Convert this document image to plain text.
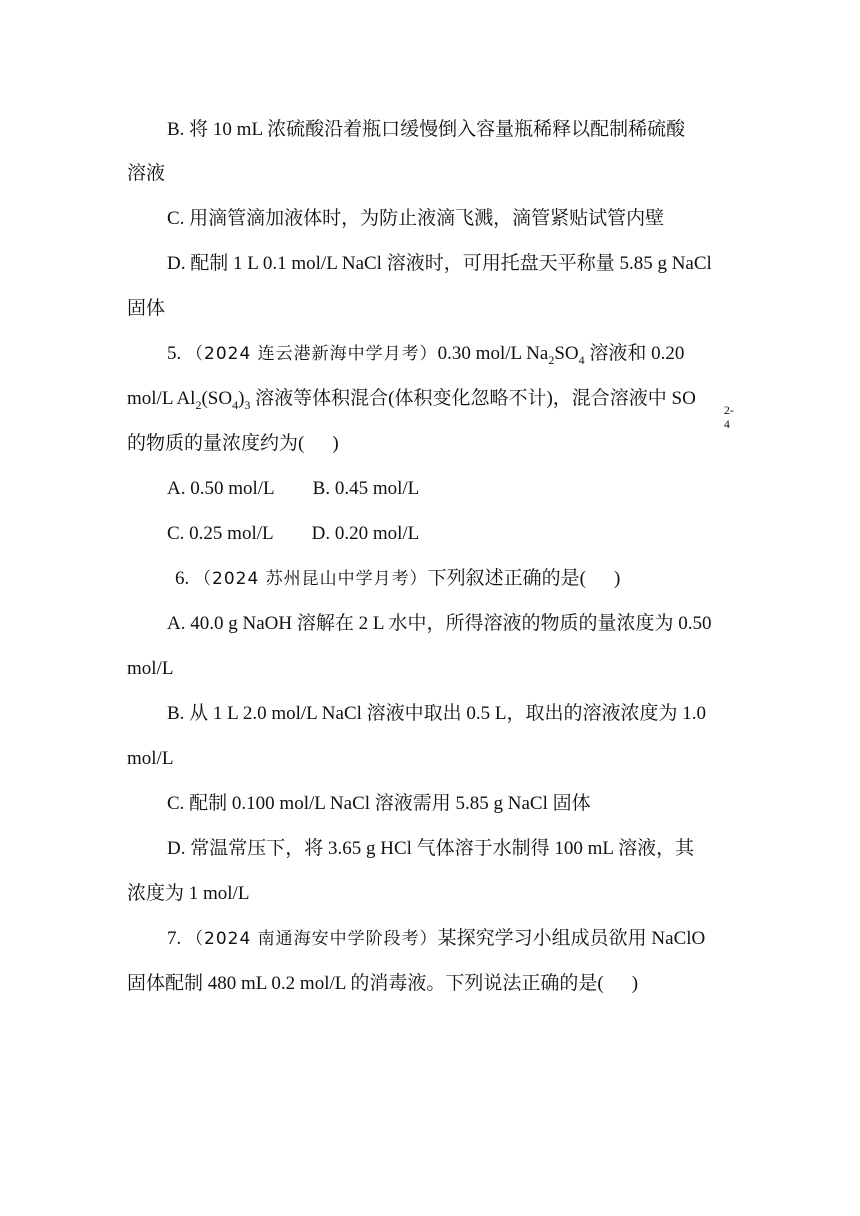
B. 将 10 mL 浓硫酸沿着瓶口缓慢倒入容量瓶稀释以配制稀硫酸
溶液
C. 用滴管滴加液体时，为防止液滴飞溅，滴管紧贴试管内壁
D. 配制 1 L 0.1 mol/L NaCl 溶液时，可用托盘天平称量 5.85 g NaCl
固体
5. （2024 连云港新海中学月考）0.30 mol/L $Na_2SO_4$ 溶液和 0.20
mol/L $Al_2(SO_4)_3$ 溶液等体积混合(体积变化忽略不计)，混合溶液中 SO
2-
4
的物质的量浓度约为( )
A. 0.50 mol/L B. 0.45 mol/L
C. 0.25 mol/L D. 0.20 mol/L
6. （2024 苏州昆山中学月考）下列叙述正确的是( )
A. 40.0 g NaOH 溶解在 2 L 水中，所得溶液的物质的量浓度为 0.50
mol/L
B. 从 1 L 2.0 mol/L NaCl 溶液中取出 0.5 L，取出的溶液浓度为 1.0
mol/L
C. 配制 0.100 mol/L NaCl 溶液需用 5.85 g NaCl 固体
D. 常温常压下，将 3.65 g HCl 气体溶于水制得 100 mL 溶液，其
浓度为 1 mol/L
7. （2024 南通海安中学阶段考）某探究学习小组成员欲用 NaClO
固体配制 480 mL 0.2 mol/L 的消毒液。下列说法正确的是( )
